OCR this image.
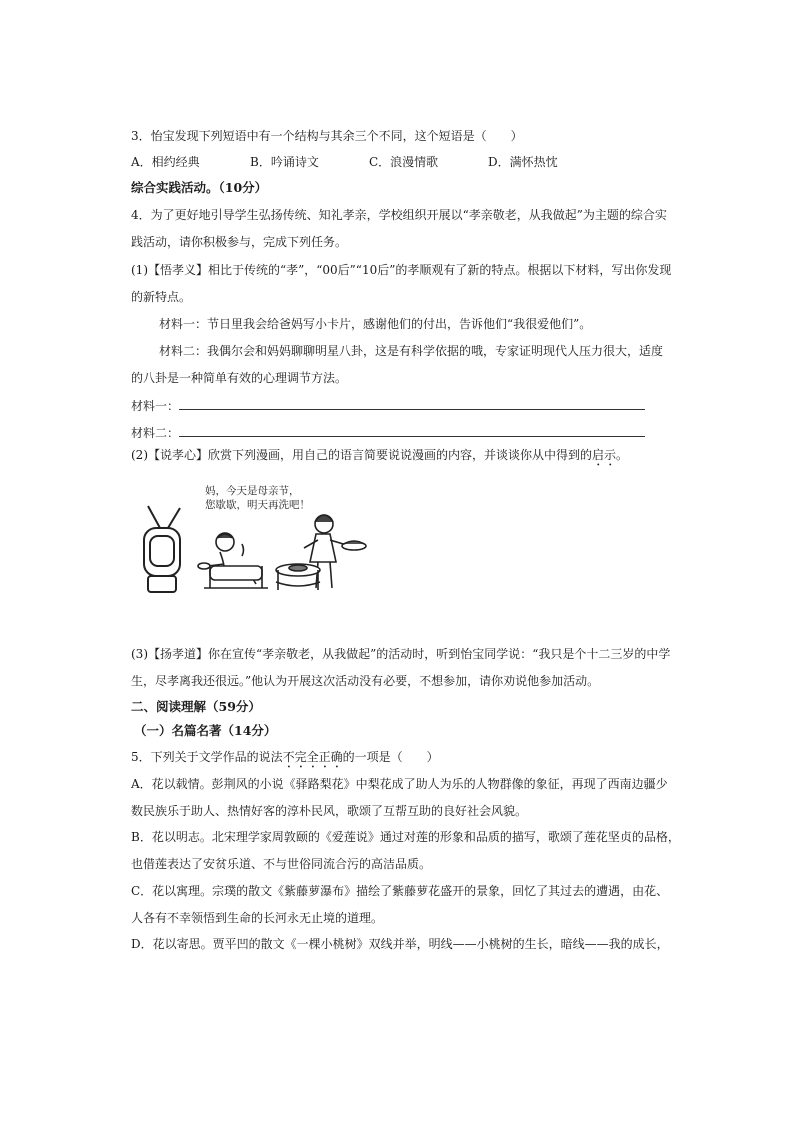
3．怡宝发现下列短语中有一个结构与其余三个不同，这个短语是（　　）
A．相约经典	B．吟诵诗文	C．浪漫情歌	D．满怀热忱
综合实践活动。（10分）
4．为了更好地引导学生弘扬传统、知礼孝亲，学校组织开展以“孝亲敬老，从我做起”为主题的综合实
践活动，请你积极参与，完成下列任务。
(1)【悟孝义】相比于传统的“孝”，“00后”“10后”的孝顺观有了新的特点。根据以下材料，写出你发现
的新特点。
材料一：节日里我会给爸妈写小卡片，感谢他们的付出，告诉他们“我很爱他们”。
材料二：我偶尔会和妈妈聊聊明星八卦，这是有科学依据的哦，专家证明现代人压力很大，适度
的八卦是一种简单有效的心理调节方法。
材料一：
材料二：
(2)【说孝心】欣赏下列漫画，用自己的语言简要说说漫画的内容，并谈谈你从中得到的启示。
妈，今天是母亲节，
您歇歇，明天再洗吧！
(3)【扬孝道】你在宣传“孝亲敬老，从我做起”的活动时，听到怡宝同学说：“我只是个十二三岁的中学
生，尽孝离我还很远。”他认为开展这次活动没有必要，不想参加，请你劝说他参加活动。
二、阅读理解（59分）
（一）名篇名著（14分）
5．下列关于文学作品的说法不完全正确的一项是（　　）
A．花以载情。彭荆风的小说《驿路梨花》中梨花成了助人为乐的人物群像的象征，再现了西南边疆少
数民族乐于助人、热情好客的淳朴民风，歌颂了互帮互助的良好社会风貌。
B．花以明志。北宋理学家周敦颐的《爱莲说》通过对莲的形象和品质的描写，歌颂了莲花坚贞的品格，
也借莲表达了安贫乐道、不与世俗同流合污的高洁品质。
C．花以寓理。宗璞的散文《紫藤萝瀑布》描绘了紫藤萝花盛开的景象，回忆了其过去的遭遇，由花、
人各有不幸领悟到生命的长河永无止境的道理。
D．花以寄思。贾平凹的散文《一棵小桃树》双线并举，明线——小桃树的生长，暗线——我的成长，
